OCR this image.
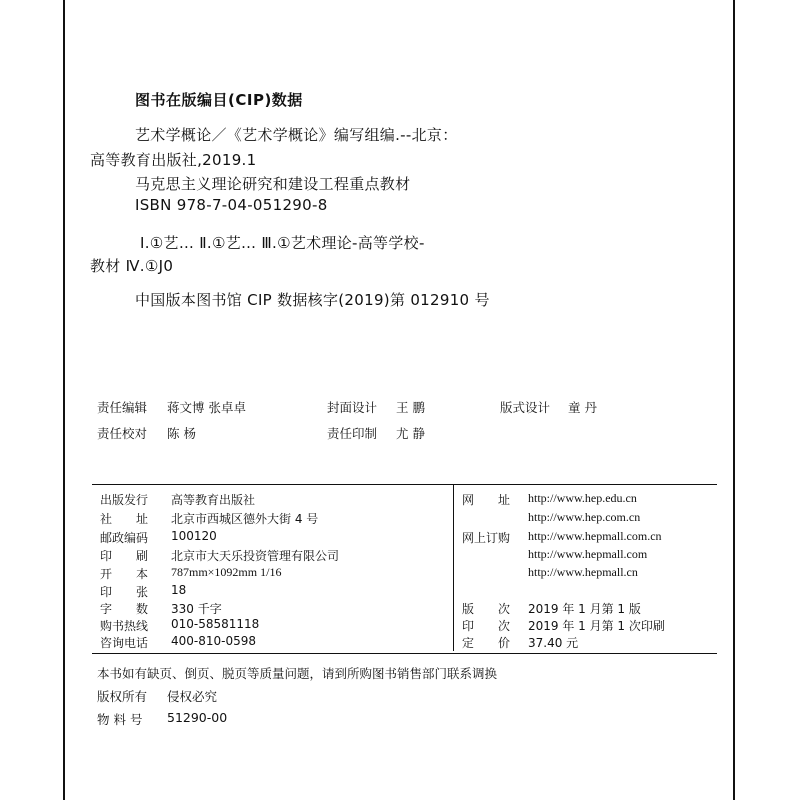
图书在版编目(CIP)数据
艺术学概论／《艺术学概论》编写组编.--北京：
高等教育出版社,2019.1
马克思主义理论研究和建设工程重点教材
ISBN 978-7-04-051290-8
Ⅰ.①艺… Ⅱ.①艺… Ⅲ.①艺术理论-高等学校-
教材 Ⅳ.①J0
中国版本图书馆 CIP 数据核字(2019)第 012910 号
责任编辑 蒋文博 张卓卓	封面设计 王 鹏	版式设计 童 丹
责任校对 陈 杨	责任印制 尤 静
出版发行 高等教育出版社
社　　址 北京市西城区德外大街 4 号
邮政编码 100120
印　　刷 北京市大天乐投资管理有限公司
开　　本 787mm×1092mm 1/16
印　　张 18
字　　数 330 千字
购书热线 010-58581118
咨询电话 400-810-0598
网　　址 http://www.hep.edu.cn
http://www.hep.com.cn
网上订购 http://www.hepmall.com.cn
http://www.hepmall.com
http://www.hepmall.cn
版　　次 2019 年 1 月第 1 版
印　　次 2019 年 1 月第 1 次印刷
定　　价 37.40 元
本书如有缺页、倒页、脱页等质量问题，请到所购图书销售部门联系调换
版权所有 侵权必究
物 料 号 51290-00
